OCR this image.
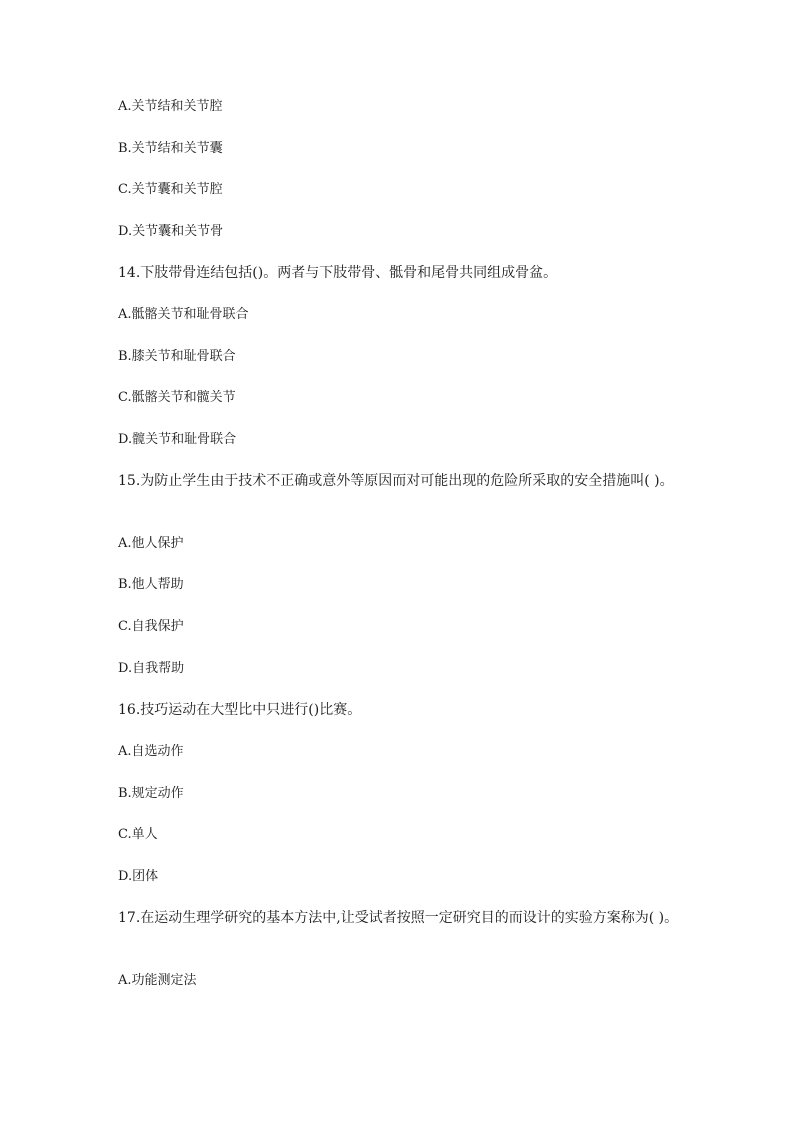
A.关节结和关节腔
B.关节结和关节囊
C.关节囊和关节腔
D.关节囊和关节骨
14.下肢带骨连结包括()。两者与下肢带骨、骶骨和尾骨共同组成骨盆。
A.骶髂关节和耻骨联合
B.膝关节和耻骨联合
C.骶髂关节和髋关节
D.髋关节和耻骨联合
15.为防止学生由于技术不正确或意外等原因而对可能出现的危险所采取的安全措施叫( )。
A.他人保护
B.他人帮助
C.自我保护
D.自我帮助
16.技巧运动在大型比中只进行()比赛。
A.自选动作
B.规定动作
C.单人
D.团体
17.在运动生理学研究的基本方法中,让受试者按照一定研究目的而设计的实验方案称为( )。
A.功能测定法
